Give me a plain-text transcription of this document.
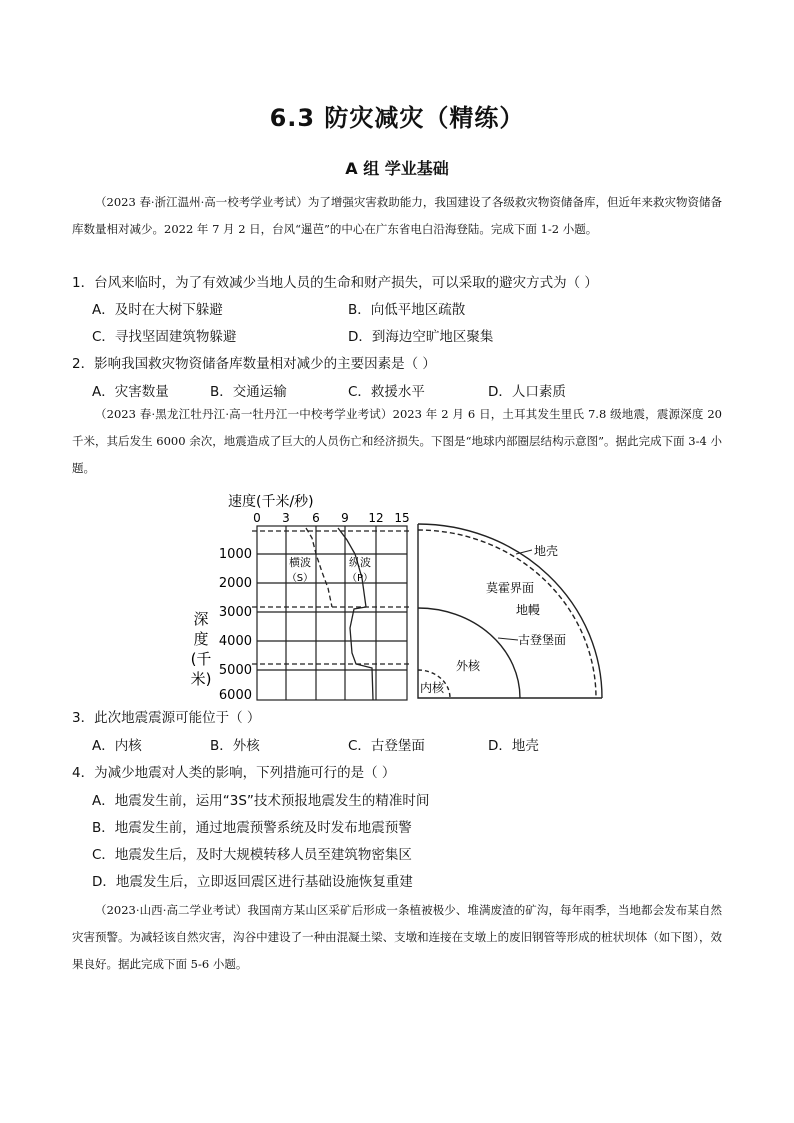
6.3 防灾减灾（精练）
A 组 学业基础
（2023 春·浙江温州·高一校考学业考试）为了增强灾害救助能力，我国建设了各级救灾物资储备库，但近年来救灾物资储备库数量相对减少。2022 年 7 月 2 日，台风“暹芭”的中心在广东省电白沿海登陆。完成下面 1-2 小题。
1．台风来临时，为了有效减少当地人员的生命和财产损失，可以采取的避灾方式为（ ）
A．及时在大树下躲避	B．向低平地区疏散
C．寻找坚固建筑物躲避	D．到海边空旷地区聚集
2．影响我国救灾物资储备库数量相对减少的主要因素是（ ）
A．灾害数量	B．交通运输	C．救援水平	D．人口素质
（2023 春·黑龙江牡丹江·高一牡丹江一中校考学业考试）2023 年 2 月 6 日，土耳其发生里氏 7.8 级地震，震源深度 20 千米，其后发生 6000 余次，地震造成了巨大的人员伤亡和经济损失。下图是“地球内部圈层结构示意图”。据此完成下面 3-4 小题。
速度(千米/秒)
0 3 6 9 12 15
1000
2000
3000
4000
5000
6000
深
度
(千
米)
横波
（S）
纵波
（P）
地壳
莫霍界面
地幔
古登堡面
外核
内核
3．此次地震震源可能位于（ ）
A．内核	B．外核	C．古登堡面	D．地壳
4．为减少地震对人类的影响，下列措施可行的是（ ）
A．地震发生前，运用“3S”技术预报地震发生的精准时间
B．地震发生前，通过地震预警系统及时发布地震预警
C．地震发生后，及时大规模转移人员至建筑物密集区
D．地震发生后，立即返回震区进行基础设施恢复重建
（2023·山西·高二学业考试）我国南方某山区采矿后形成一条植被极少、堆满废渣的矿沟，每年雨季，当地都会发布某自然灾害预警。为减轻该自然灾害，沟谷中建设了一种由混凝土梁、支墩和连接在支墩上的废旧钢管等形成的桩状坝体（如下图），效果良好。据此完成下面 5-6 小题。
